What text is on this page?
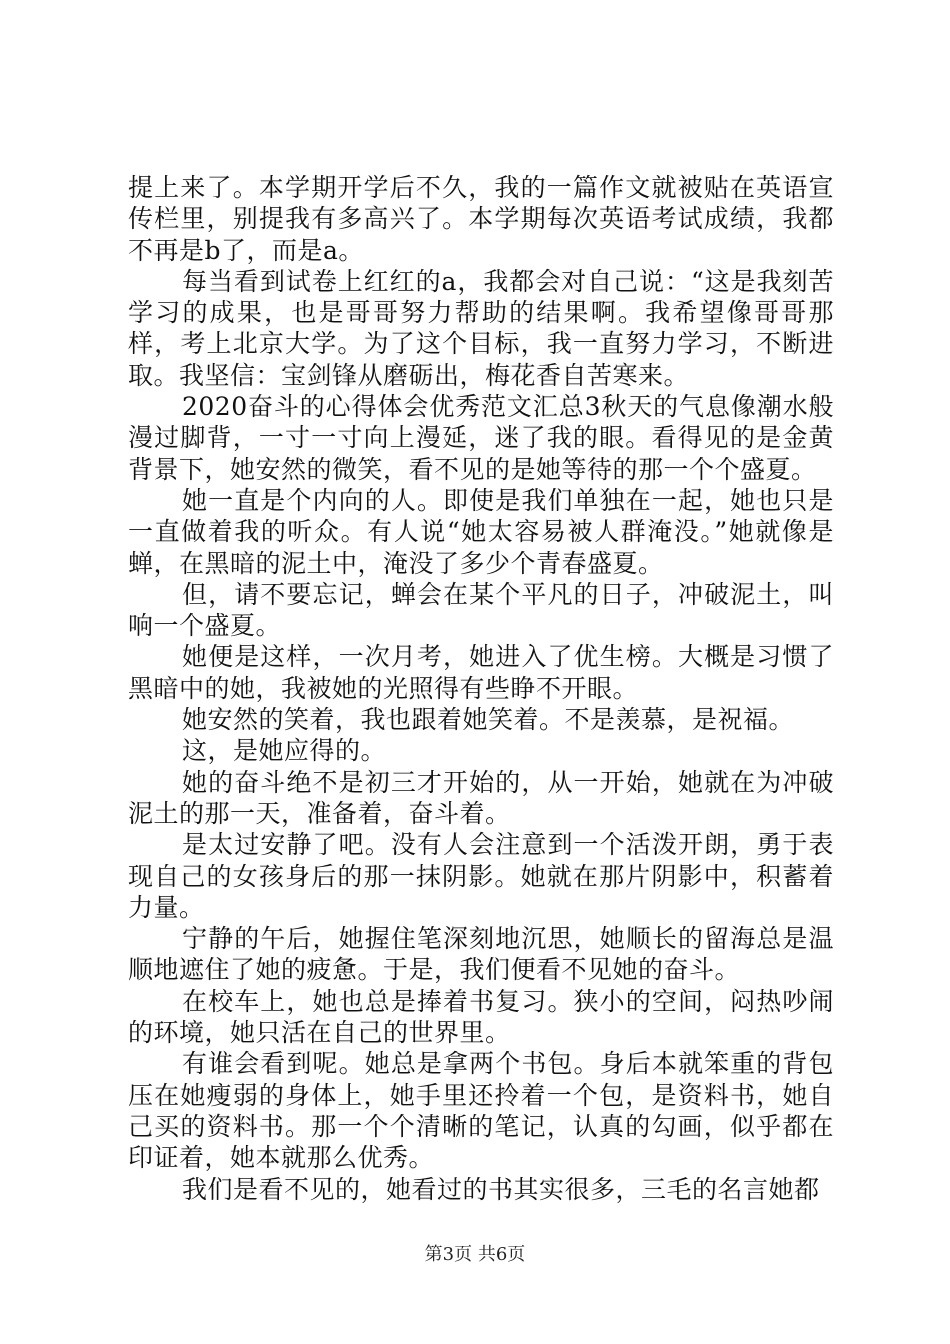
提上来了。本学期开学后不久，我的一篇作文就被贴在英语宣传栏里，别提我有多高兴了。本学期每次英语考试成绩，我都不再是b了，而是a。

每当看到试卷上红红的a，我都会对自己说：“这是我刻苦学习的成果，也是哥哥努力帮助的结果啊。我希望像哥哥那样，考上北京大学。为了这个目标，我一直努力学习，不断进取。我坚信：宝剑锋从磨砺出，梅花香自苦寒来。

2020奋斗的心得体会优秀范文汇总3秋天的气息像潮水般漫过脚背，一寸一寸向上漫延，迷了我的眼。看得见的是金黄背景下，她安然的微笑，看不见的是她等待的那一个个盛夏。

她一直是个内向的人。即使是我们单独在一起，她也只是一直做着我的听众。有人说“她太容易被人群淹没。”她就像是蝉，在黑暗的泥土中，淹没了多少个青春盛夏。

但，请不要忘记，蝉会在某个平凡的日子，冲破泥土，叫响一个盛夏。

她便是这样，一次月考，她进入了优生榜。大概是习惯了黑暗中的她，我被她的光照得有些睁不开眼。

她安然的笑着，我也跟着她笑着。不是羡慕，是祝福。

这，是她应得的。

她的奋斗绝不是初三才开始的，从一开始，她就在为冲破泥土的那一天，准备着，奋斗着。

是太过安静了吧。没有人会注意到一个活泼开朗，勇于表现自己的女孩身后的那一抹阴影。她就在那片阴影中，积蓄着力量。

宁静的午后，她握住笔深刻地沉思，她顺长的留海总是温顺地遮住了她的疲惫。于是，我们便看不见她的奋斗。

在校车上，她也总是捧着书复习。狭小的空间，闷热吵闹的环境，她只活在自己的世界里。

有谁会看到呢。她总是拿两个书包。身后本就笨重的背包压在她瘦弱的身体上，她手里还拎着一个包，是资料书，她自己买的资料书。那一个个清晰的笔记，认真的勾画，似乎都在印证着，她本就那么优秀。

我们是看不见的，她看过的书其实很多，三毛的名言她都

第3页 共6页
